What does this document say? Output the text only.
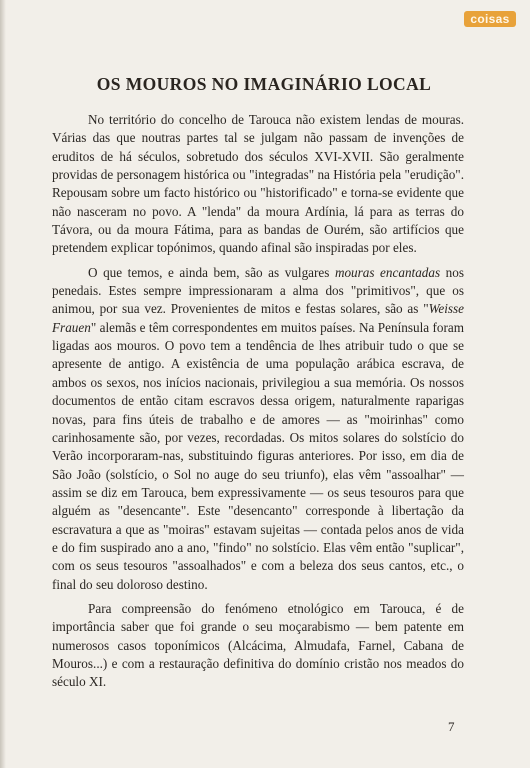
coisas
OS MOUROS NO IMAGINÁRIO LOCAL

No território do concelho de Tarouca não existem lendas de mouras. Várias das que noutras partes tal se julgam não passam de invenções de eruditos de há séculos, sobretudo dos séculos XVI-XVII. São geralmente providas de personagem histórica ou "integradas" na História pela "erudição". Repousam sobre um facto histórico ou "historificado" e torna-se evidente que não nasceram no povo. A "lenda" da moura Ardínia, lá para as terras do Távora, ou da moura Fátima, para as bandas de Ourém, são artifícios que pretendem explicar topónimos, quando afinal são inspiradas por eles.

O que temos, e ainda bem, são as vulgares mouras encantadas nos penedais. Estes sempre impressionaram a alma dos "primitivos", que os animou, por sua vez. Provenientes de mitos e festas solares, são as "Weisse Frauen" alemãs e têm correspondentes em muitos países. Na Península foram ligadas aos mouros. O povo tem a tendência de lhes atribuir tudo o que se apresente de antigo. A existência de uma população arábica escrava, de ambos os sexos, nos inícios nacionais, privilegiou a sua memória. Os nossos documentos de então citam escravos dessa origem, naturalmente raparigas novas, para fins úteis de trabalho e de amores — as "moirinhas" como carinhosamente são, por vezes, recordadas. Os mitos solares do solstício do Verão incorporaram-nas, substituindo figuras anteriores. Por isso, em dia de São João (solstício, o Sol no auge do seu triunfo), elas vêm "assoalhar" — assim se diz em Tarouca, bem expressivamente — os seus tesouros para que alguém as "desencante". Este "desencanto" corresponde à libertação da escravatura a que as "moiras" estavam sujeitas — contada pelos anos de vida e do fim suspirado ano a ano, "findo" no solstício. Elas vêm então "suplicar", com os seus tesouros "assoalhados" e com a beleza dos seus cantos, etc., o final do seu doloroso destino.

Para compreensão do fenómeno etnológico em Tarouca, é de importância saber que foi grande o seu moçarabismo — bem patente em numerosos casos toponímicos (Alcácima, Almudafa, Farnel, Cabana de Mouros...) e com a restauração definitiva do domínio cristão nos meados do século XI.

7
